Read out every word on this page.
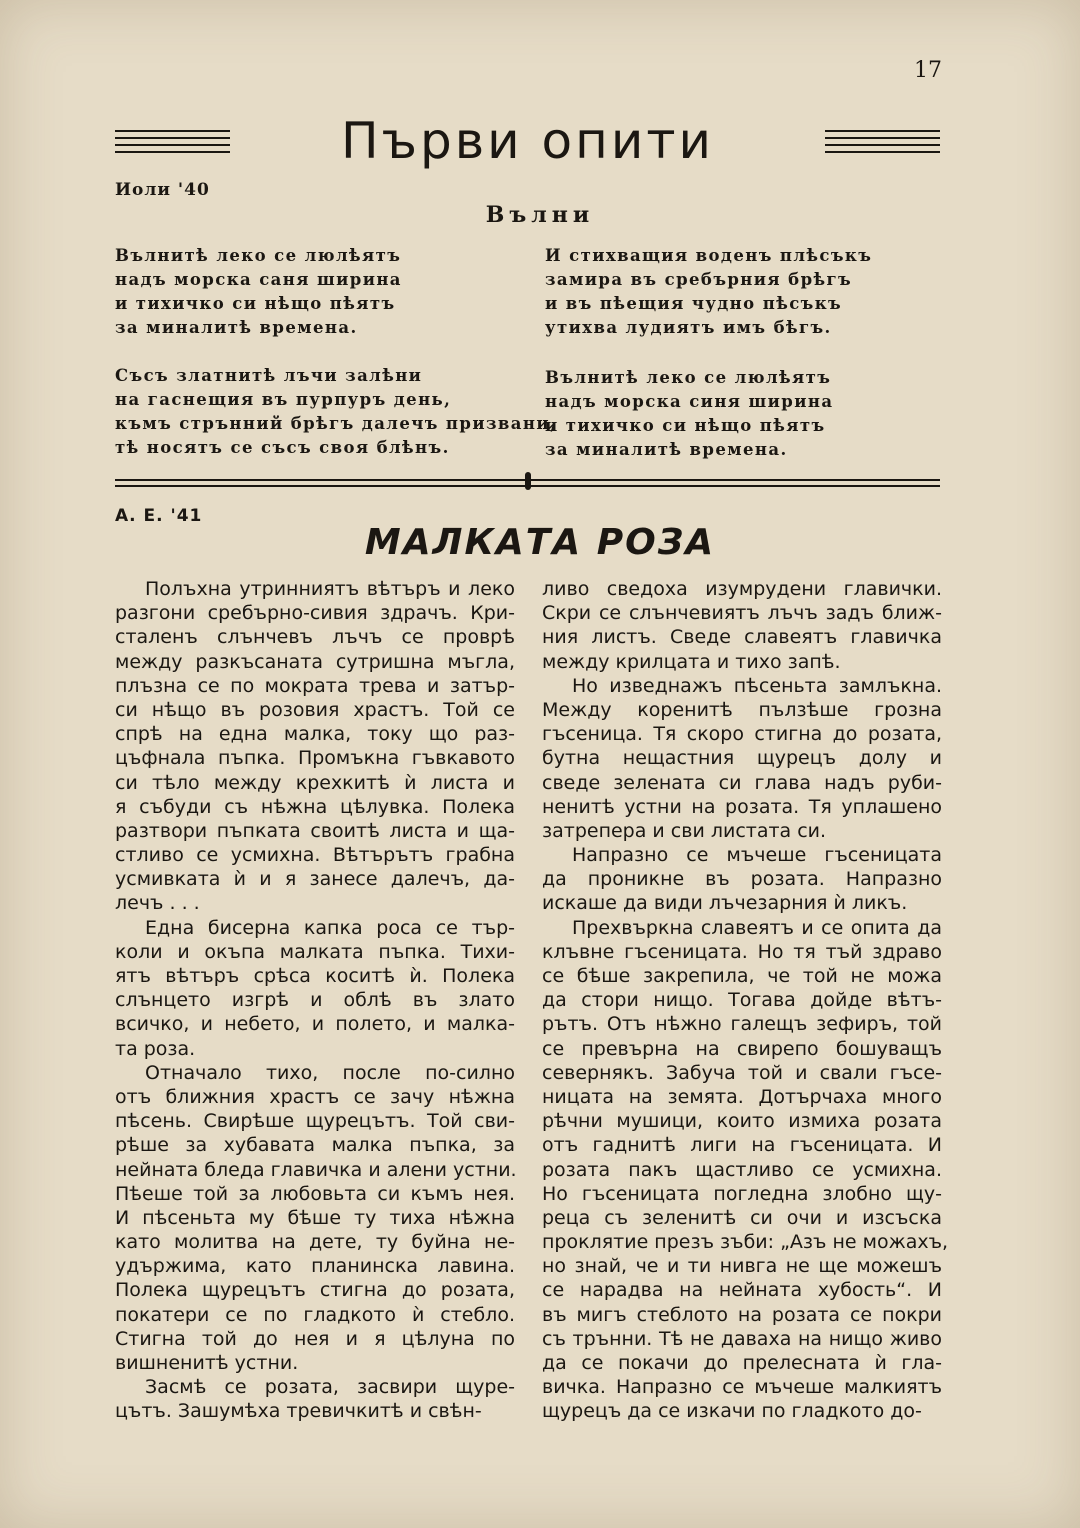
17
Първи опити
Иоли '40
Вълни
Вълнитѣ леко се люлѣятъ
надъ морска саня ширина
и тихичко си нѣщо пѣятъ
за миналитѣ времена.
Съсъ златнитѣ лъчи залѣни
на гаснещия въ пурпуръ день,
къмъ стрънний брѣгъ далечъ призвани,
тѣ носятъ се съсъ своя блѣнъ.
И стихващия воденъ плѣсъкъ
замира въ сребърния брѣгъ
и въ пѣещия чудно пѣсъкъ
утихва лудиятъ имъ бѣгъ.
Вълнитѣ леко се люлѣятъ
надъ морска синя ширина
и тихичко си нѣщо пѣятъ
за миналитѣ времена.
А. Е. '41
МАЛКАТА РОЗА
Полъхна утринниятъ вѣтъръ и леко
разгони сребърно-сивия здрачъ. Кри-
сталенъ слънчевъ лъчъ се проврѣ
между разкъсаната сутришна мъгла,
плъзна се по мократа трева и затър-
си нѣщо въ розовия храстъ. Той се
спрѣ на една малка, току що раз-
цъфнала пъпка. Промъкна гъвкавото
си тѣло между крехкитѣ ѝ листа и
я събуди съ нѣжна цѣлувка. Полека
разтвори пъпката своитѣ листа и щa-
стливо се усмихна. Вѣтърътъ грабна
усмивката ѝ и я занесе далечъ, да-
лечъ . . .
Една бисерна капка роса се тър-
коли и окъпа малката пъпка. Тихи-
ятъ вѣтъръ срѣса коситѣ ѝ. Полека
слънцето изгрѣ и облѣ въ злато
всичко, и небето, и полето, и малка-
та роза.
Отначало тихо, после по-силно
отъ ближния храстъ се зачу нѣжна
пѣсень. Свирѣше щурецътъ. Той сви-
рѣше за хубавата малка пъпка, за
нейната бледа главичка и алени устни.
Пѣеше той за любовьта си къмъ нея.
И пѣсеньта му бѣше ту тиха нѣжна
като молитва на дете, ту буйна не-
удържима, като планинска лавина.
Полека щурецътъ стигна до розата,
покатери се по гладкото ѝ стебло.
Стигна той до нея и я цѣлуна по
вишненитѣ устни.
Засмѣ се розата, засвири щуре-
цътъ. Зашумѣха тревичкитѣ и свѣн-
ливо сведоха изумрудени главички.
Скри се слънчевиятъ лъчъ задъ ближ-
ния листъ. Сведе славеятъ главичка
между крилцата и тихо запѣ.
Но изведнажъ пѣсеньта замлъкна.
Между коренитѣ пълзѣше грозна
гъсеница. Тя скоро стигна до розата,
бутна нещастния щурецъ долу и
сведе зелената си глава надъ руби-
ненитѣ устни на розата. Тя уплашено
затрепера и сви листата си.
Напразно се мъчеше гъсеницата
да проникне въ розата. Напразно
искаше да види лъчезарния ѝ ликъ.
Прехвъркна славеятъ и се опита да
клъвне гъсеницата. Но тя тъй здраво
се бѣше закрепила, че той не можа
да стори нищо. Тогава дойде вѣтъ-
рътъ. Отъ нѣжно галещъ зефиръ, той
се превърна на свирепо бошуващъ
севернякъ. Забуча той и свали гъсе-
ницата на земята. Дотърчаха много
рѣчни мушици, които измиха розата
отъ гаднитѣ лиги на гъсеницата. И
розата пакъ щастливо се усмихна.
Но гъсеницата погледна злобно щу-
реца съ зеленитѣ си очи и изсъска
проклятие презъ зъби: „Азъ не можахъ,
но знай, че и ти нивга не ще можешъ
се нарадва на нейната хубость“. И
въ мигъ стеблото на розата се покри
съ трънни. Тѣ не даваха на нищо живо
да се покачи до прелесната ѝ гла-
вичка. Напразно се мъчеше малкиятъ
щурецъ да се изкачи по гладкото до-
